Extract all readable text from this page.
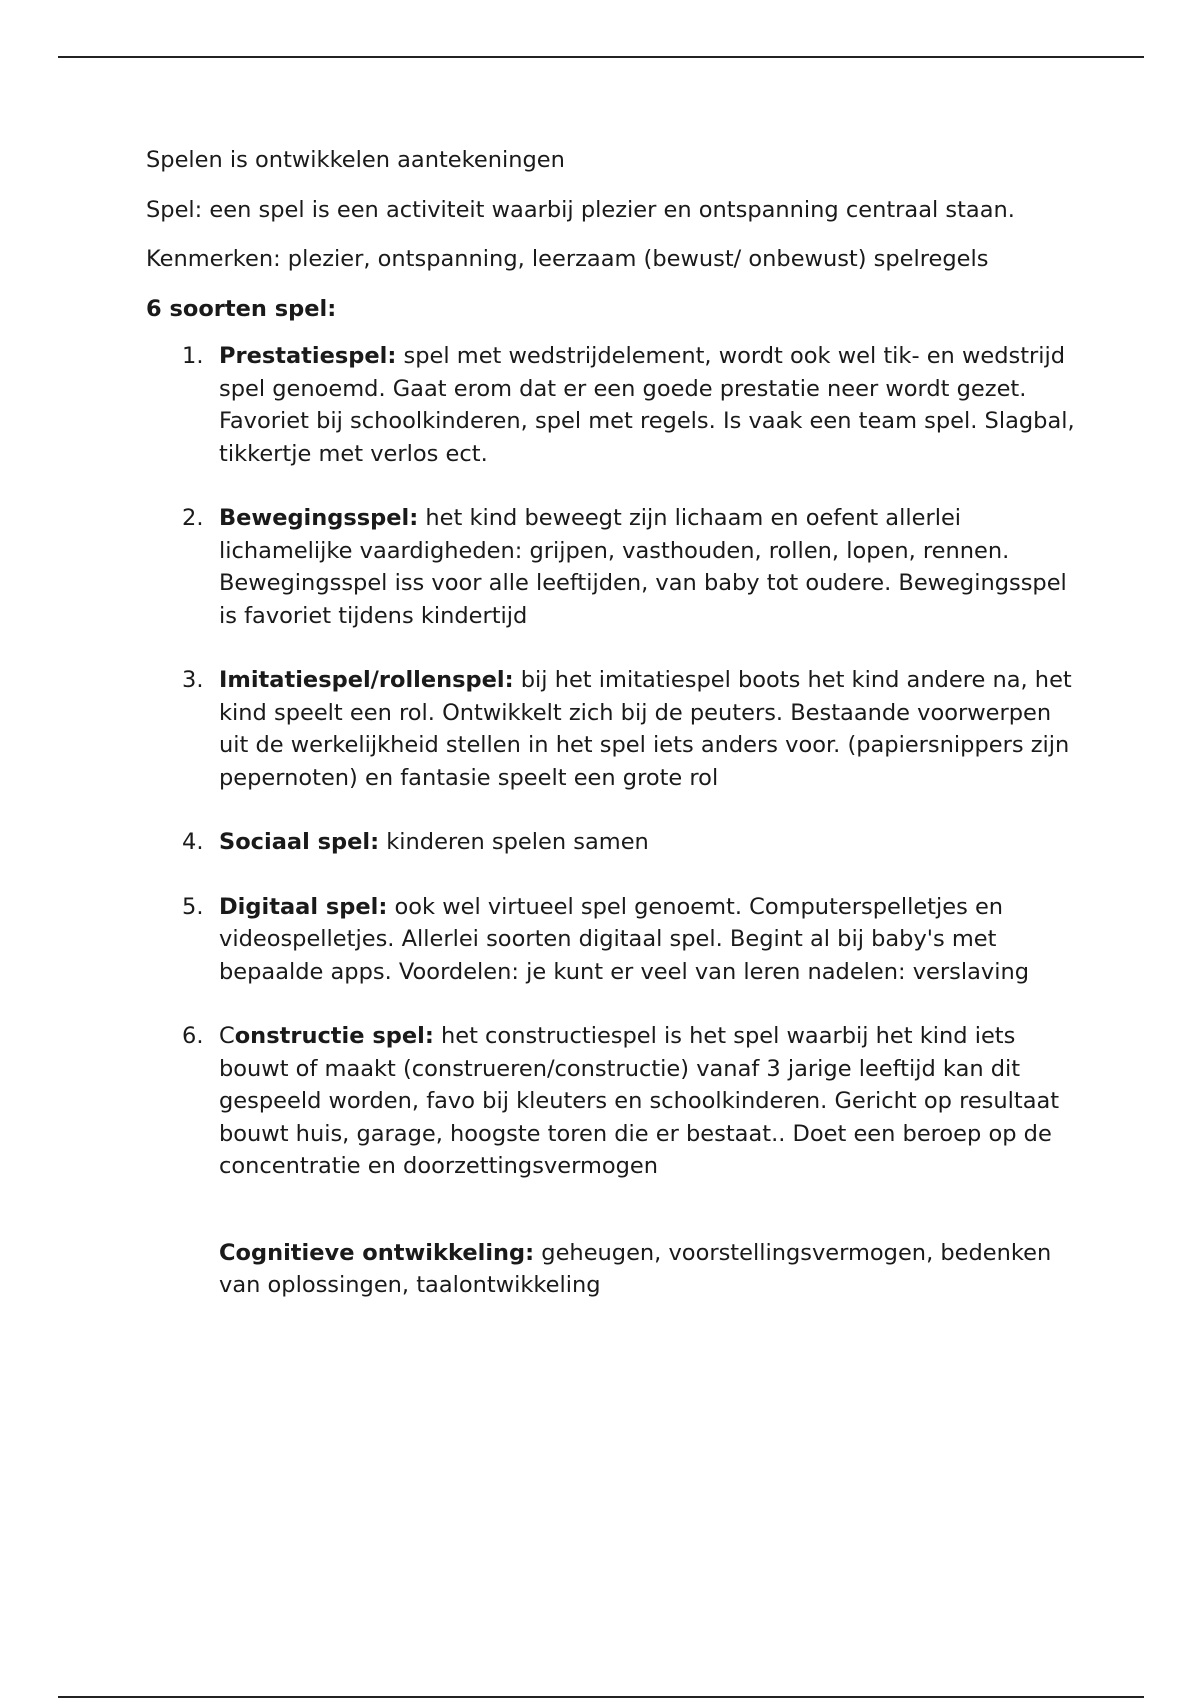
Spelen is ontwikkelen aantekeningen

Spel: een spel is een activiteit waarbij plezier en ontspanning centraal staan.

Kenmerken: plezier, ontspanning, leerzaam (bewust/ onbewust) spelregels

6 soorten spel:

1. Prestatiespel: spel met wedstrijdelement, wordt ook wel tik- en wedstrijd spel genoemd. Gaat erom dat er een goede prestatie neer wordt gezet. Favoriet bij schoolkinderen, spel met regels. Is vaak een team spel. Slagbal, tikkertje met verlos ect.
2. Bewegingsspel: het kind beweegt zijn lichaam en oefent allerlei lichamelijke vaardigheden: grijpen, vasthouden, rollen, lopen, rennen. Bewegingsspel iss voor alle leeftijden, van baby tot oudere. Bewegingsspel is favoriet tijdens kindertijd
3. Imitatiespel/rollenspel: bij het imitatiespel boots het kind andere na, het kind speelt een rol. Ontwikkelt zich bij de peuters. Bestaande voorwerpen uit de werkelijkheid stellen in het spel iets anders voor. (papiersnippers zijn pepernoten) en fantasie speelt een grote rol
4. Sociaal spel: kinderen spelen samen
5. Digitaal spel: ook wel virtueel spel genoemt. Computerspelletjes en videospelletjes. Allerlei soorten digitaal spel. Begint al bij baby's met bepaalde apps. Voordelen: je kunt er veel van leren nadelen: verslaving
6. Constructie spel: het constructiespel is het spel waarbij het kind iets bouwt of maakt (construeren/constructie) vanaf 3 jarige leeftijd kan dit gespeeld worden, favo bij kleuters en schoolkinderen. Gericht op resultaat bouwt huis, garage, hoogste toren die er bestaat.. Doet een beroep op de concentratie en doorzettingsvermogen

Cognitieve ontwikkeling: geheugen, voorstellingsvermogen, bedenken van oplossingen, taalontwikkeling
